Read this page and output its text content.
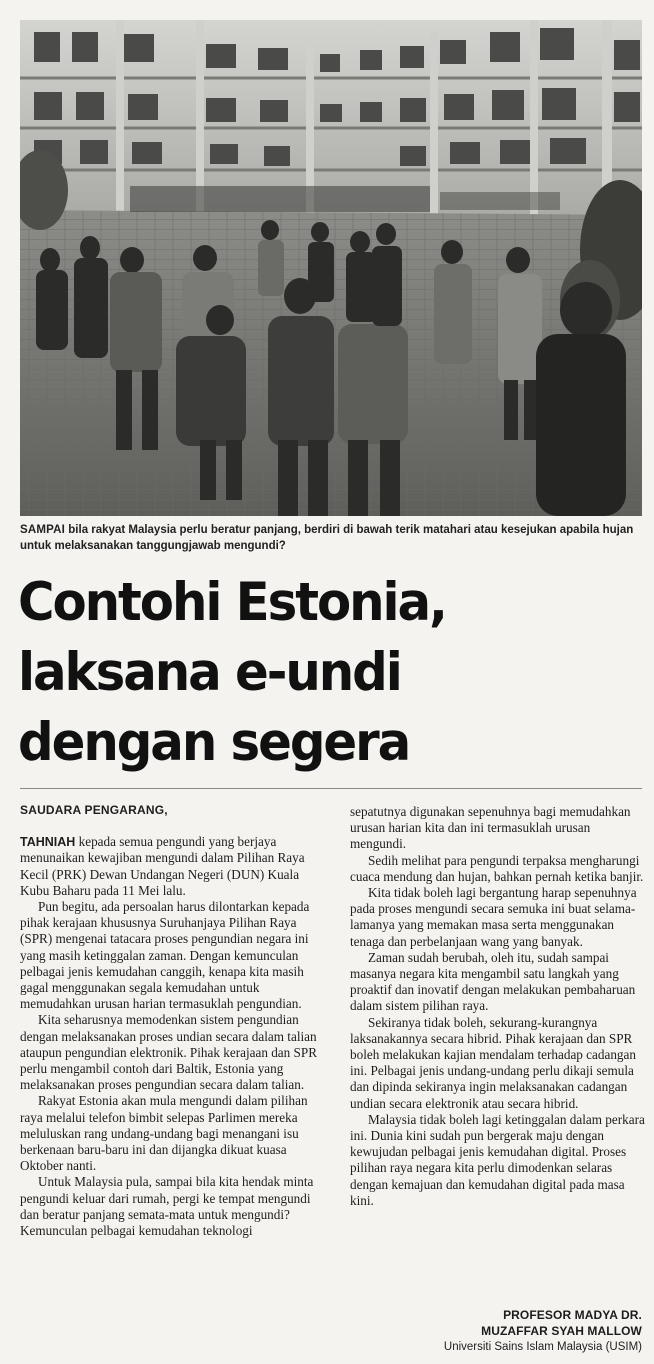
SAMPAI bila rakyat Malaysia perlu beratur panjang, berdiri di bawah terik matahari atau kesejukan apabila hujan untuk melaksanakan tanggungjawab mengundi?
Contohi Estonia,
laksana e-undi
dengan segera

SAUDARA PENGARANG,

TAHNIAH kepada semua pengundi yang berjaya menunaikan kewajiban mengundi dalam Pilihan Raya Kecil (PRK) Dewan Undangan Negeri (DUN) Kuala Kubu Baharu pada 11 Mei lalu.

Pun begitu, ada persoalan harus dilontarkan kepada pihak kerajaan khususnya Suruhanjaya Pilihan Raya (SPR) mengenai tatacara proses pengundian negara ini yang masih ketinggalan zaman. Dengan kemunculan pelbagai jenis kemudahan canggih, kenapa kita masih gagal menggunakan segala kemudahan untuk memudahkan urusan harian termasuklah pengundian.

Kita seharusnya memodenkan sistem pengundian dengan melaksanakan proses undian secara dalam talian ataupun pengundian elektronik. Pihak kerajaan dan SPR perlu mengambil contoh dari Baltik, Estonia yang melaksanakan proses pengundian secara dalam talian.

Rakyat Estonia akan mula mengundi dalam pilihan raya melalui telefon bimbit selepas Parlimen mereka meluluskan rang undang-undang bagi menangani isu berkenaan baru-baru ini dan dijangka dikuat kuasa Oktober nanti.

Untuk Malaysia pula, sampai bila kita hendak minta pengundi keluar dari rumah, pergi ke tempat mengundi dan beratur panjang semata-mata untuk mengundi? Kemunculan pelbagai kemudahan teknologi

sepatutnya digunakan sepenuhnya bagi memudahkan urusan harian kita dan ini termasuklah urusan mengundi.

Sedih melihat para pengundi terpaksa mengharungi cuaca mendung dan hujan, bahkan pernah ketika banjir.

Kita tidak boleh lagi bergantung harap sepenuhnya pada proses mengundi secara semuka ini buat selama-lamanya yang memakan masa serta menggunakan tenaga dan perbelanjaan wang yang banyak.

Zaman sudah berubah, oleh itu, sudah sampai masanya negara kita mengambil satu langkah yang proaktif dan inovatif dengan melakukan pembaharuan dalam sistem pilihan raya.

Sekiranya tidak boleh, sekurang-kurangnya laksanakannya secara hibrid. Pihak kerajaan dan SPR boleh melakukan kajian mendalam terhadap cadangan ini. Pelbagai jenis undang-undang perlu dikaji semula dan dipinda sekiranya ingin melaksanakan cadangan undian secara elektronik atau secara hibrid.

Malaysia tidak boleh lagi ketinggalan dalam perkara ini. Dunia kini sudah pun bergerak maju dengan kewujudan pelbagai jenis kemudahan digital. Proses pilihan raya negara kita perlu dimodenkan selaras dengan kemajuan dan kemudahan digital pada masa kini.

PROFESOR MADYA DR.
MUZAFFAR SYAH MALLOW
Universiti Sains Islam Malaysia (USIM)
